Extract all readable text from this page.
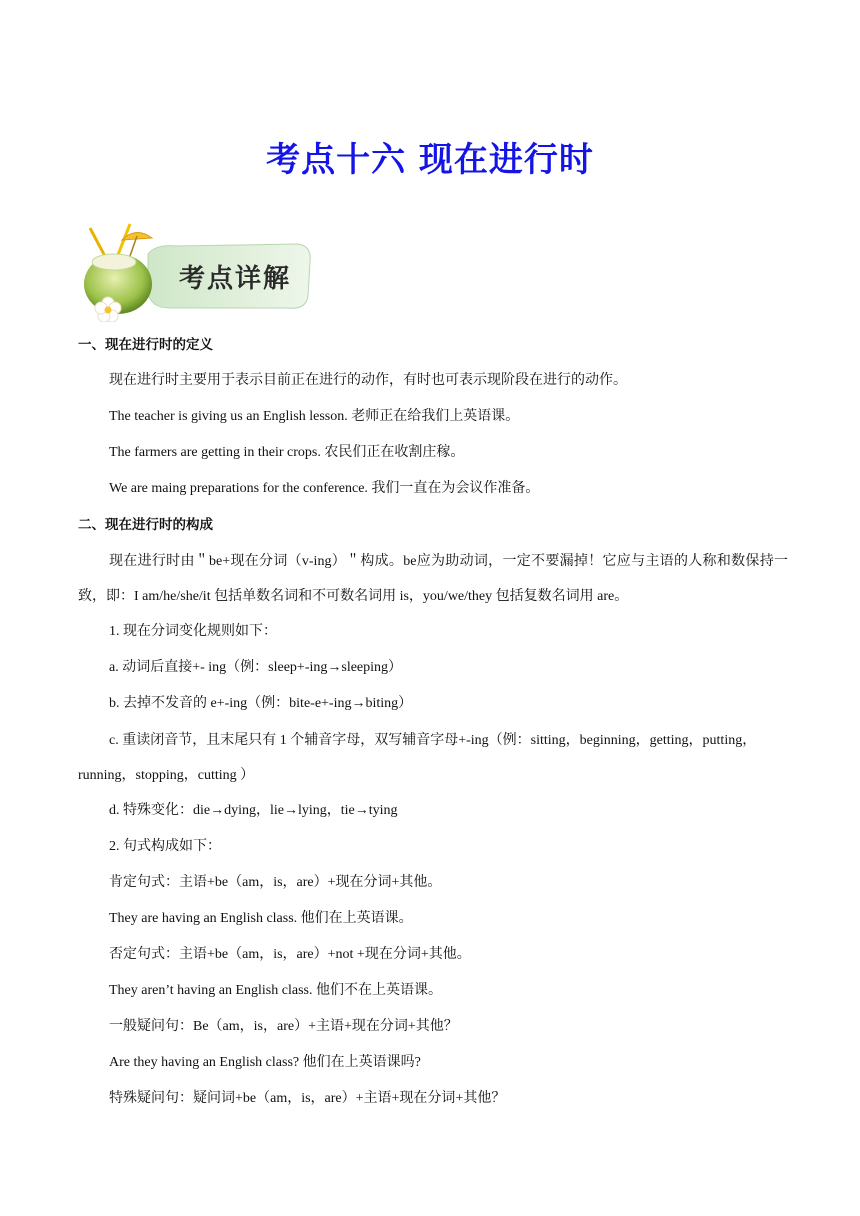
考点十六 现在进行时
考点详解
一、现在进行时的定义
现在进行时主要用于表示目前正在进行的动作，有时也可表示现阶段在进行的动作。
The teacher is giving us an English lesson. 老师正在给我们上英语课。
The farmers are getting in their crops. 农民们正在收割庄稼。
We are maing preparations for the conference. 我们一直在为会议作准备。
二、现在进行时的构成
现在进行时由＂be+现在分词（v-ing）＂构成。be应为助动词，一定不要漏掉！它应与主语的人称和数保持一致，即：I am/he/she/it 包括单数名词和不可数名词用 is，you/we/they 包括复数名词用 are。
1. 现在分词变化规则如下：
a. 动词后直接+- ing（例：sleep+-ing→sleeping）
b. 去掉不发音的 e+-ing（例：bite-e+-ing→biting）
c. 重读闭音节，且末尾只有 1 个辅音字母，双写辅音字母+-ing（例：sitting，beginning，getting，putting，running，stopping，cutting ）
d. 特殊变化：die→dying，lie→lying，tie→tying
2. 句式构成如下：
肯定句式：主语+be（am，is，are）+现在分词+其他。
They are having an English class. 他们在上英语课。
否定句式：主语+be（am，is，are）+not +现在分词+其他。
They aren’t having an English class. 他们不在上英语课。
一般疑问句：Be（am，is，are）+主语+现在分词+其他？
Are they having an English class? 他们在上英语课吗?
特殊疑问句：疑问词+be（am，is，are）+主语+现在分词+其他？
